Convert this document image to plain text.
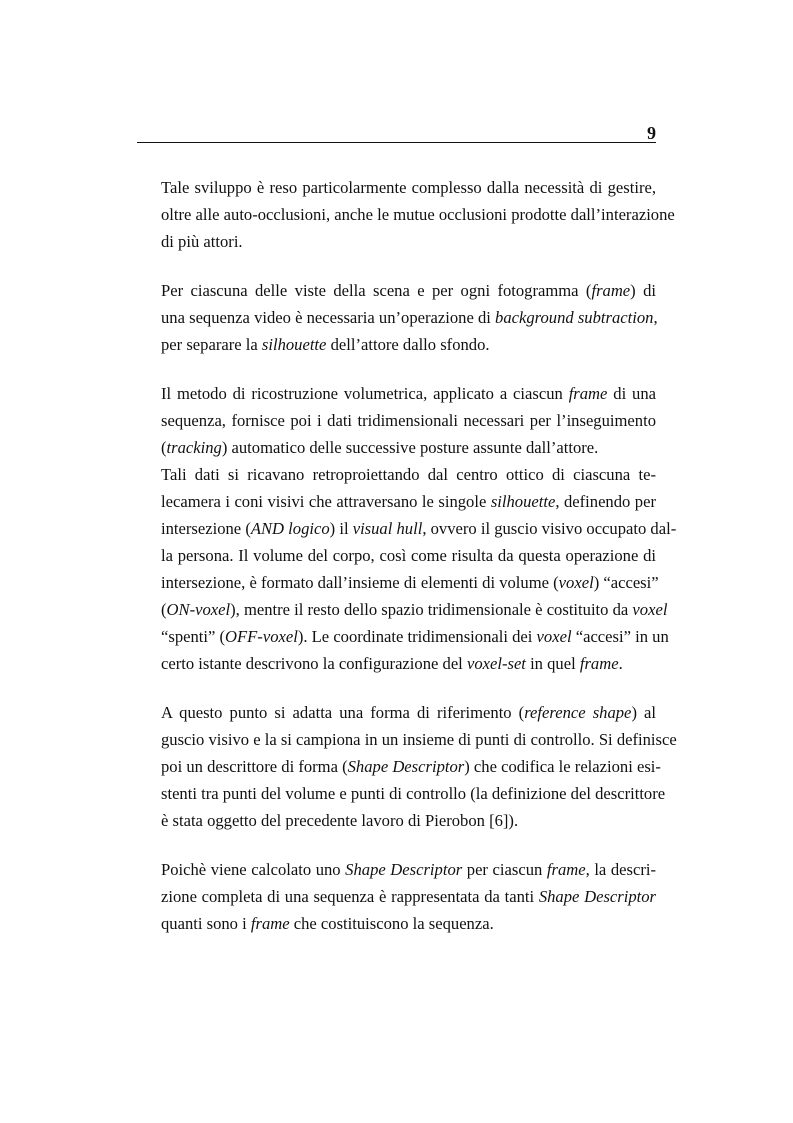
9

Tale sviluppo è reso particolarmente complesso dalla necessità di gestire,
oltre alle auto-occlusioni, anche le mutue occlusioni prodotte dall’interazione
di più attori.

Per ciascuna delle viste della scena e per ogni fotogramma (frame) di
una sequenza video è necessaria un’operazione di background subtraction,
per separare la silhouette dell’attore dallo sfondo.

Il metodo di ricostruzione volumetrica, applicato a ciascun frame di una
sequenza, fornisce poi i dati tridimensionali necessari per l’inseguimento
(tracking) automatico delle successive posture assunte dall’attore.

Tali dati si ricavano retroproiettando dal centro ottico di ciascuna te-
lecamera i coni visivi che attraversano le singole silhouette, definendo per
intersezione (AND logico) il visual hull, ovvero il guscio visivo occupato dal-
la persona. Il volume del corpo, così come risulta da questa operazione di
intersezione, è formato dall’insieme di elementi di volume (voxel) “accesi”
(ON-voxel), mentre il resto dello spazio tridimensionale è costituito da voxel
“spenti” (OFF-voxel). Le coordinate tridimensionali dei voxel “accesi” in un
certo istante descrivono la configurazione del voxel-set in quel frame.

A questo punto si adatta una forma di riferimento (reference shape) al
guscio visivo e la si campiona in un insieme di punti di controllo. Si definisce
poi un descrittore di forma (Shape Descriptor) che codifica le relazioni esi-
stenti tra punti del volume e punti di controllo (la definizione del descrittore
è stata oggetto del precedente lavoro di Pierobon [6]).

Poichè viene calcolato uno Shape Descriptor per ciascun frame, la descri-
zione completa di una sequenza è rappresentata da tanti Shape Descriptor
quanti sono i frame che costituiscono la sequenza.
